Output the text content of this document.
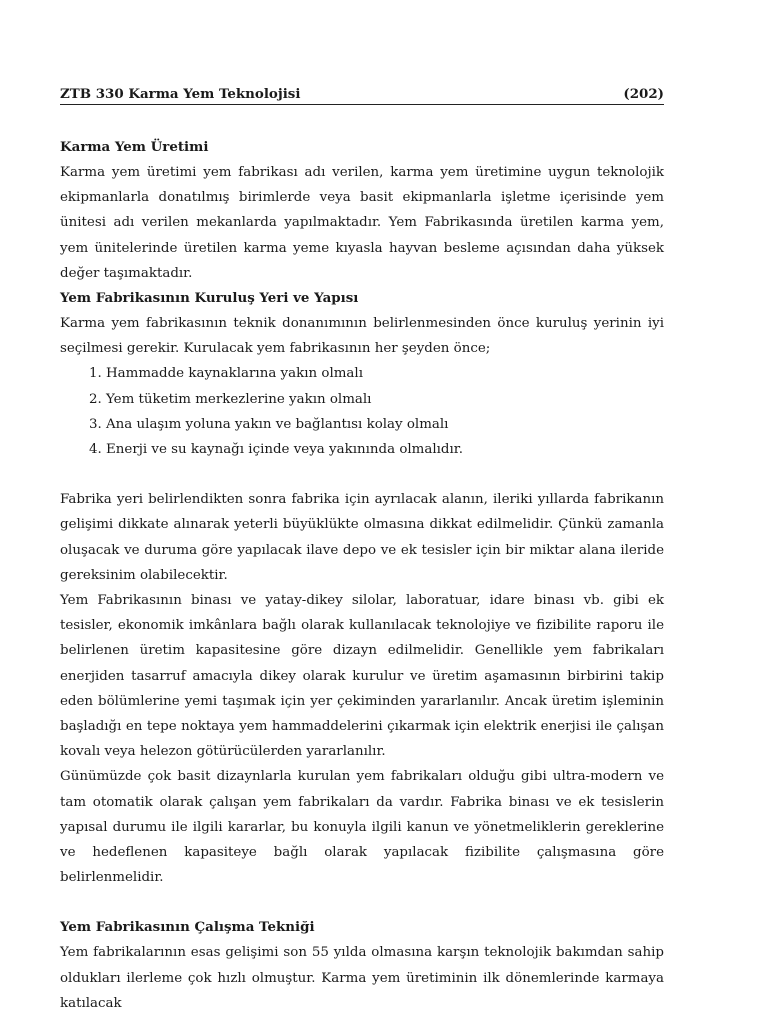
ZTB 330 Karma Yem Teknolojisi	(202)

Karma Yem Üretimi

Karma yem üretimi yem fabrikası adı verilen, karma yem üretimine uygun teknolojik ekipmanlarla donatılmış birimlerde veya basit ekipmanlarla işletme içerisinde yem ünitesi adı verilen mekanlarda yapılmaktadır. Yem Fabrikasında üretilen karma yem, yem ünitelerinde üretilen karma yeme kıyasla hayvan besleme açısından daha yüksek değer taşımaktadır.

Yem Fabrikasının Kuruluş Yeri ve Yapısı

Karma yem fabrikasının teknik donanımının belirlenmesinden önce kuruluş yerinin iyi seçilmesi gerekir. Kurulacak yem fabrikasının her şeyden önce;

1. Hammadde kaynaklarına yakın olmalı
2. Yem tüketim merkezlerine yakın olmalı
3. Ana ulaşım yoluna yakın ve bağlantısı kolay olmalı
4. Enerji ve su kaynağı içinde veya yakınında olmalıdır.

Fabrika yeri belirlendikten sonra fabrika için ayrılacak alanın, ileriki yıllarda fabrikanın gelişimi dikkate alınarak yeterli büyüklükte olmasına dikkat edilmelidir. Çünkü zamanla oluşacak ve duruma göre yapılacak ilave depo ve ek tesisler için bir miktar alana ileride gereksinim olabilecektir.

Yem Fabrikasının binası ve yatay-dikey silolar, laboratuar, idare binası vb. gibi ek tesisler, ekonomik imkânlara bağlı olarak kullanılacak teknolojiye ve fizibilite raporu ile belirlenen üretim kapasitesine göre dizayn edilmelidir. Genellikle yem fabrikaları enerjiden tasarruf amacıyla dikey olarak kurulur ve üretim aşamasının birbirini takip eden bölümlerine yemi taşımak için yer çekiminden yararlanılır. Ancak üretim işleminin başladığı en tepe noktaya yem hammaddelerini çıkarmak için elektrik enerjisi ile çalışan kovalı veya helezon götürücülerden yararlanılır.

Günümüzde çok basit dizaynlarla kurulan yem fabrikaları olduğu gibi ultra-modern ve tam otomatik olarak çalışan yem fabrikaları da vardır. Fabrika binası ve ek tesislerin yapısal durumu ile ilgili kararlar, bu konuyla ilgili kanun ve yönetmeliklerin gereklerine ve hedeflenen kapasiteye bağlı olarak yapılacak fizibilite çalışmasına göre belirlenmelidir.

Yem Fabrikasının Çalışma Tekniği

Yem fabrikalarının esas gelişimi son 55 yılda olmasına karşın teknolojik bakımdan sahip oldukları ilerleme çok hızlı olmuştur. Karma yem üretiminin ilk dönemlerinde karmaya katılacak
